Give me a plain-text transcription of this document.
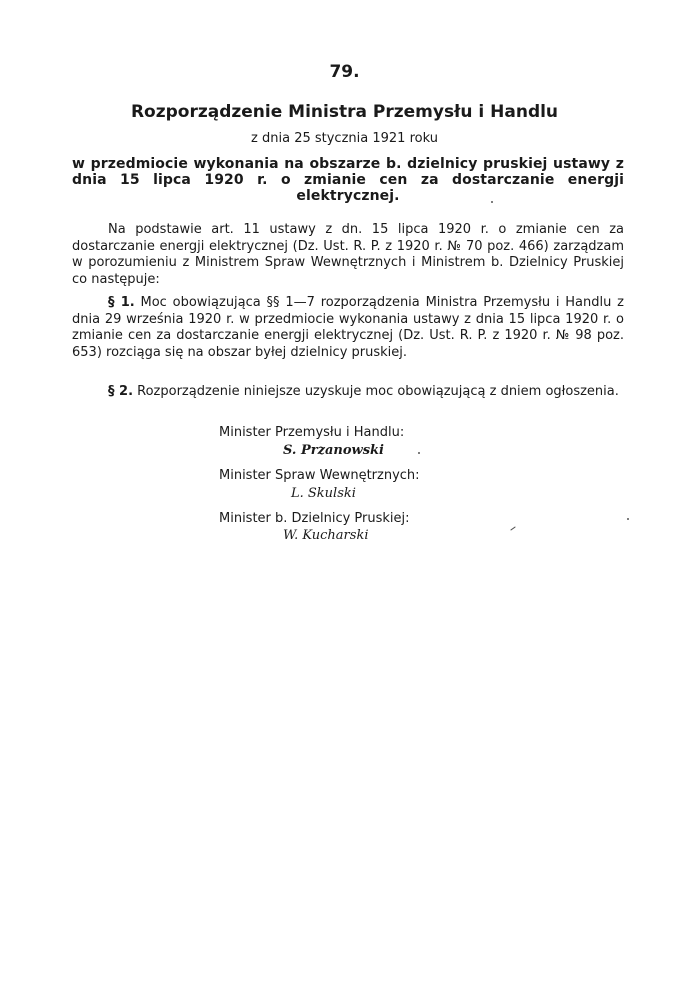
79.
Rozporządzenie Ministra Przemysłu i Handlu
z dnia 25 stycznia 1921 roku
w przedmiocie wykonania na obszarze b. dzielnicy pruskiej ustawy z dnia 15 lipca 1920 r. o zmianie cen za dostarczanie energji elektrycznej.
Na podstawie art. 11 ustawy z dn. 15 lipca 1920 r. o zmianie cen za dostarczanie energji elektrycznej (Dz. Ust. R. P. z 1920 r. № 70 poz. 466) zarządzam w porozumieniu z Ministrem Spraw Wewnętrznych i Ministrem b. Dzielnicy Pruskiej co następuje:
§ 1. Moc obowiązująca §§ 1—7 rozporządzenia Ministra Przemysłu i Handlu z dnia 29 września 1920 r. w przedmiocie wykonania ustawy z dnia 15 lipca 1920 r. o zmianie cen za dostarczanie energji elektrycznej (Dz. Ust. R. P. z 1920 r. № 98 poz. 653) rozciąga się na obszar byłej dzielnicy pruskiej.
§ 2. Rozporządzenie niniejsze uzyskuje moc obowiązującą z dniem ogłoszenia.
Minister Przemysłu i Handlu:
S. Przanowski
Minister Spraw Wewnętrznych:
L. Skulski
Minister b. Dzielnicy Pruskiej:
W. Kucharski
